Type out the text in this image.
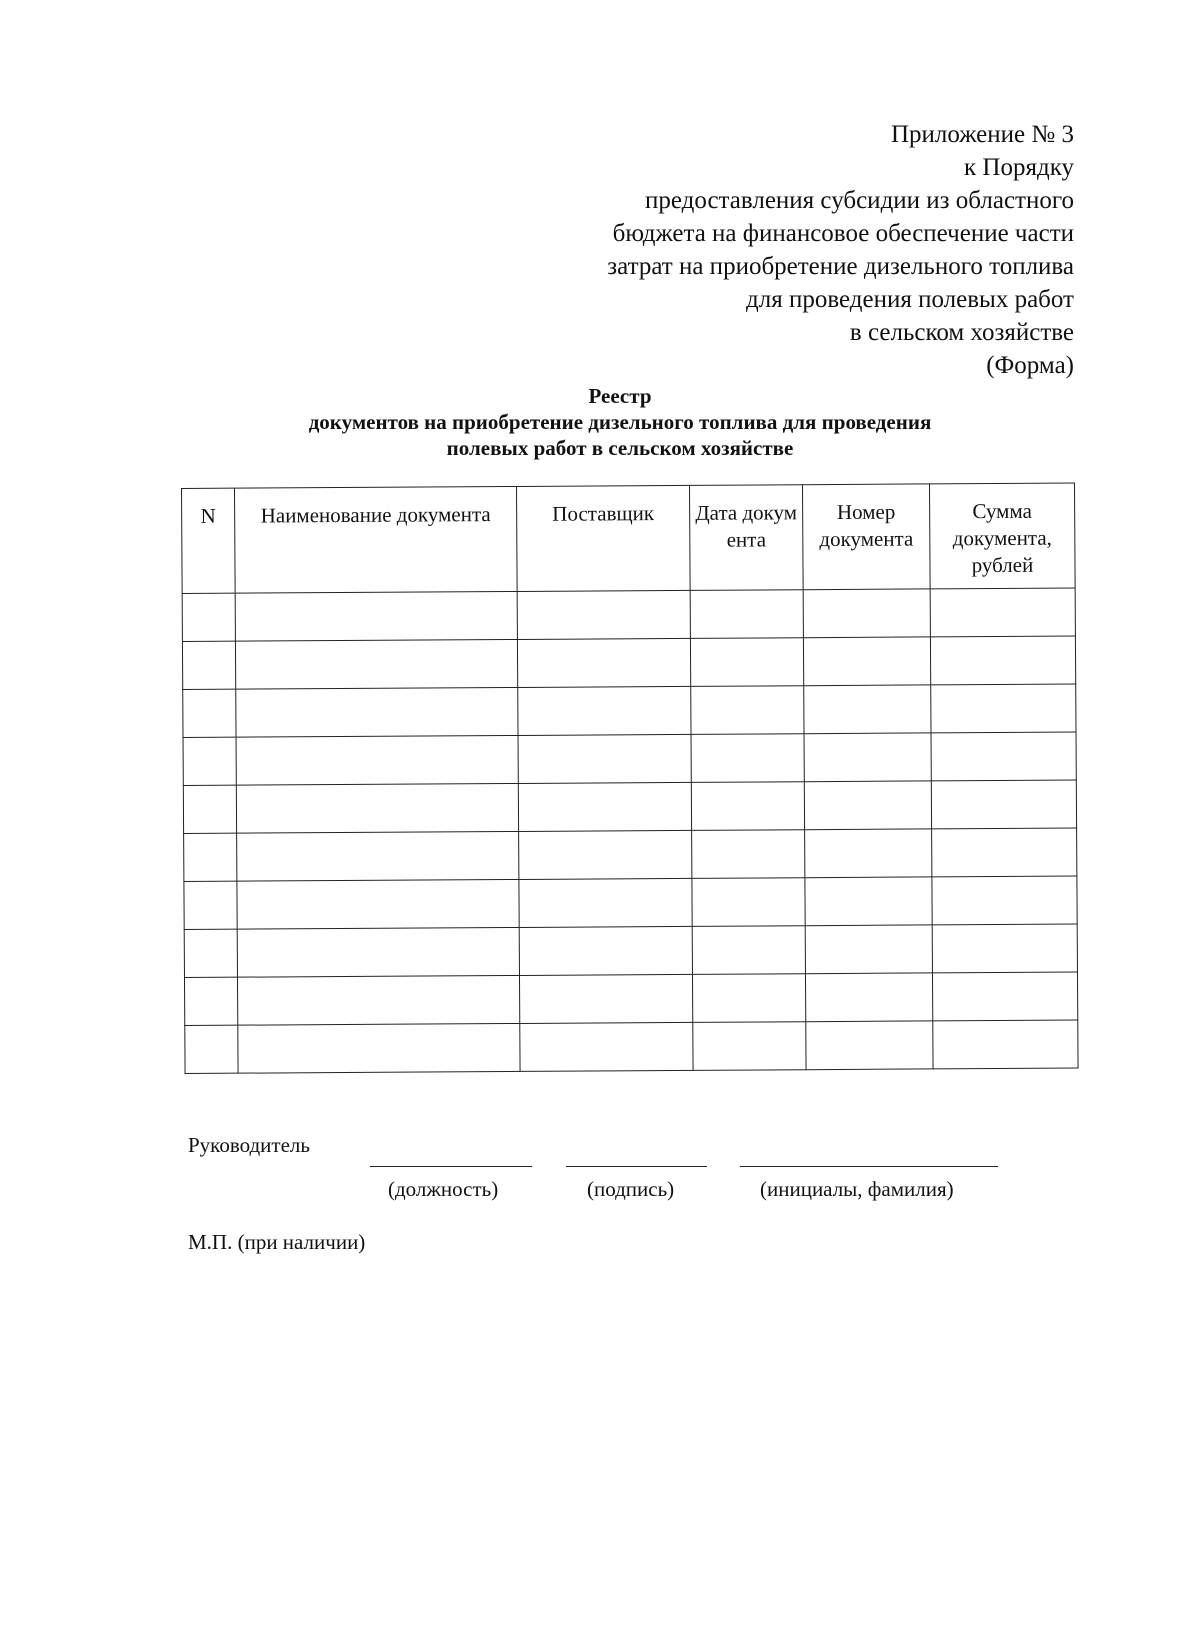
Приложение № 3
к Порядку
предоставления субсидии из областного
бюджета на финансовое обеспечение части
затрат на приобретение дизельного топлива
для проведения полевых работ
в сельском хозяйстве
(Форма)
Реестр
документов на приобретение дизельного топлива для проведения
полевых работ в сельском хозяйстве
N	Наименование документа	Поставщик	Дата документа	Номер документа	Сумма документа, рублей

Руководитель
(должность)	(подпись)	(инициалы, фамилия)
М.П. (при наличии)
